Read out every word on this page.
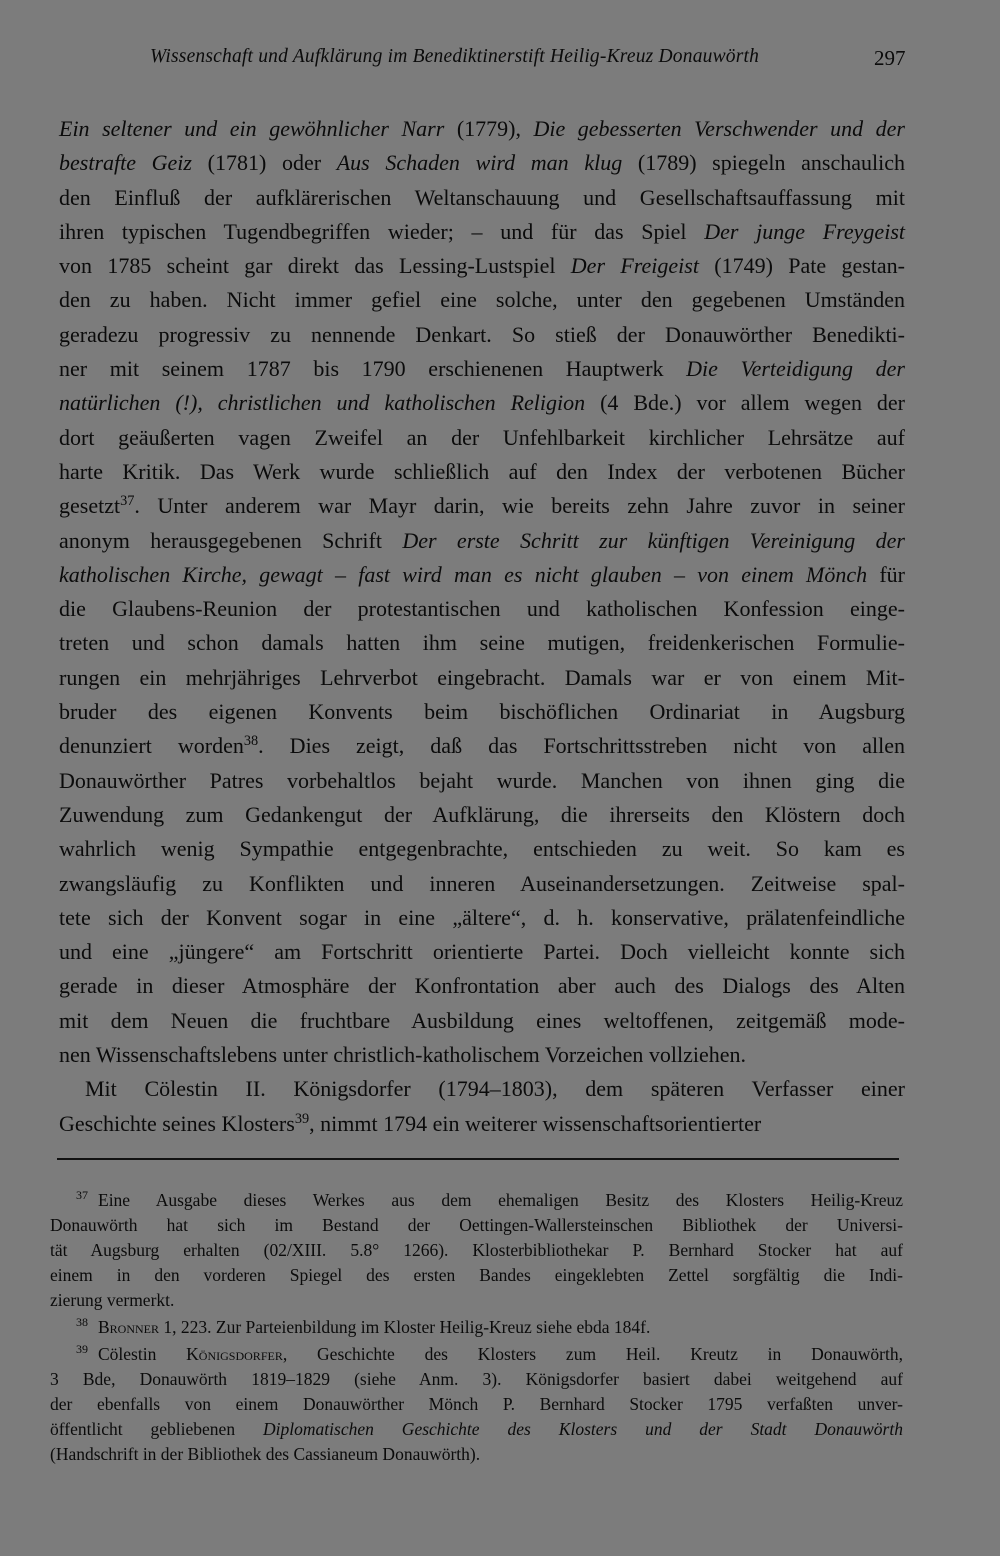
Wissenschaft und Aufklärung im Benediktinerstift Heilig-Kreuz Donauwörth	297
Ein seltener und ein gewöhnlicher Narr (1779), Die gebesserten Verschwender und der
bestrafte Geiz (1781) oder Aus Schaden wird man klug (1789) spiegeln anschaulich
den Einfluß der aufklärerischen Weltanschauung und Gesellschaftsauffassung mit
ihren typischen Tugendbegriffen wieder; – und für das Spiel Der junge Freygeist
von 1785 scheint gar direkt das Lessing-Lustspiel Der Freigeist (1749) Pate gestan-
den zu haben. Nicht immer gefiel eine solche, unter den gegebenen Umständen
geradezu progressiv zu nennende Denkart. So stieß der Donauwörther Benedikti-
ner mit seinem 1787 bis 1790 erschienenen Hauptwerk Die Verteidigung der
natürlichen (!), christlichen und katholischen Religion (4 Bde.) vor allem wegen der
dort geäußerten vagen Zweifel an der Unfehlbarkeit kirchlicher Lehrsätze auf
harte Kritik. Das Werk wurde schließlich auf den Index der verbotenen Bücher
gesetzt$^{37}$. Unter anderem war Mayr darin, wie bereits zehn Jahre zuvor in seiner
anonym herausgegebenen Schrift Der erste Schritt zur künftigen Vereinigung der
katholischen Kirche, gewagt – fast wird man es nicht glauben – von einem Mönch für
die Glaubens-Reunion der protestantischen und katholischen Konfession einge-
treten und schon damals hatten ihm seine mutigen, freidenkerischen Formulie-
rungen ein mehrjähriges Lehrverbot eingebracht. Damals war er von einem Mit-
bruder des eigenen Konvents beim bischöflichen Ordinariat in Augsburg
denunziert worden$^{38}$. Dies zeigt, daß das Fortschrittsstreben nicht von allen
Donauwörther Patres vorbehaltlos bejaht wurde. Manchen von ihnen ging die
Zuwendung zum Gedankengut der Aufklärung, die ihrerseits den Klöstern doch
wahrlich wenig Sympathie entgegenbrachte, entschieden zu weit. So kam es
zwangsläufig zu Konflikten und inneren Auseinandersetzungen. Zeitweise spal-
tete sich der Konvent sogar in eine „ältere“, d. h. konservative, prälatenfeindliche
und eine „jüngere“ am Fortschritt orientierte Partei. Doch vielleicht konnte sich
gerade in dieser Atmosphäre der Konfrontation aber auch des Dialogs des Alten
mit dem Neuen die fruchtbare Ausbildung eines weltoffenen, zeitgemäß mode-
nen Wissenschaftslebens unter christlich-katholischem Vorzeichen vollziehen.
Mit Cölestin II. Königsdorfer (1794–1803), dem späteren Verfasser einer
Geschichte seines Klosters$^{39}$, nimmt 1794 ein weiterer wissenschaftsorientierter
37 Eine Ausgabe dieses Werkes aus dem ehemaligen Besitz des Klosters Heilig-Kreuz
Donauwörth hat sich im Bestand der Oettingen-Wallersteinschen Bibliothek der Universi-
tät Augsburg erhalten (02/XIII. 5.8° 1266). Klosterbibliothekar P. Bernhard Stocker hat auf
einem in den vorderen Spiegel des ersten Bandes eingeklebten Zettel sorgfältig die Indi-
zierung vermerkt.
38 Bronner 1, 223. Zur Parteienbildung im Kloster Heilig-Kreuz siehe ebda 184f.
39 Cölestin Königsdorfer, Geschichte des Klosters zum Heil. Kreutz in Donauwörth,
3 Bde, Donauwörth 1819–1829 (siehe Anm. 3). Königsdorfer basiert dabei weitgehend auf
der ebenfalls von einem Donauwörther Mönch P. Bernhard Stocker 1795 verfaßten unver-
öffentlicht gebliebenen Diplomatischen Geschichte des Klosters und der Stadt Donauwörth
(Handschrift in der Bibliothek des Cassianeum Donauwörth).
